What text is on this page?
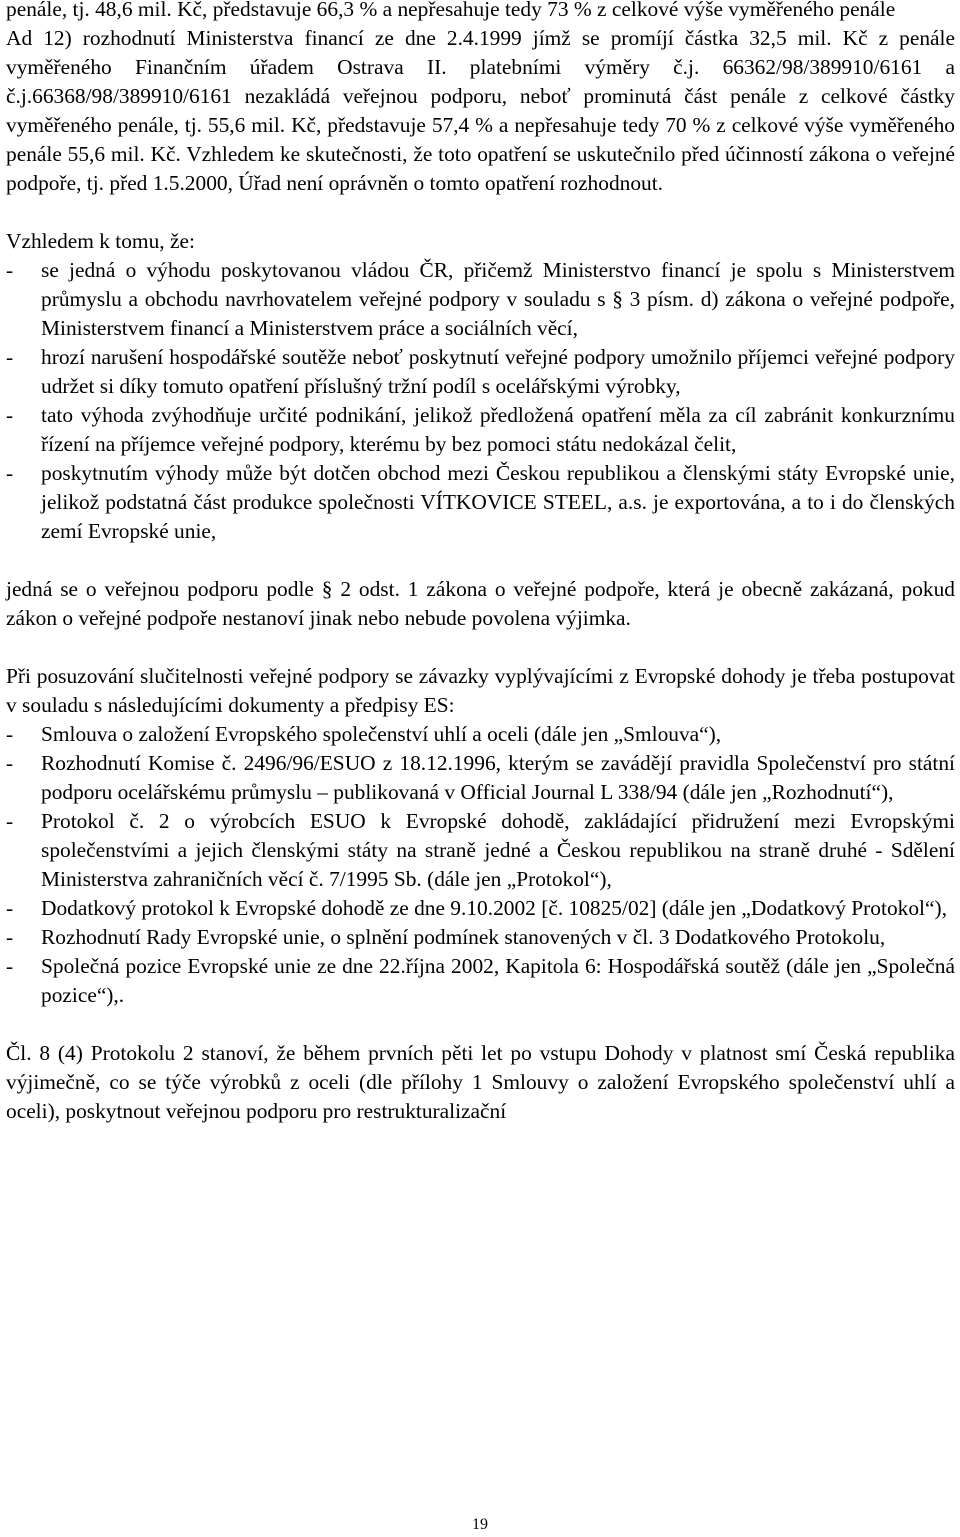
penále, tj. 48,6 mil. Kč, představuje 66,3 % a nepřesahuje tedy 73 % z celkové výše vyměřeného penále

Ad 12) rozhodnutí Ministerstva financí ze dne 2.4.1999 jímž se promíjí částka 32,5 mil. Kč z penále vyměřeného Finančním úřadem Ostrava II. platebními výměry č.j. 66362/98/389910/6161 a č.j.66368/98/389910/6161 nezakládá veřejnou podporu, neboť prominutá část penále z celkové částky vyměřeného penále, tj. 55,6 mil. Kč, představuje 57,4 % a nepřesahuje tedy 70 % z celkové výše vyměřeného penále 55,6 mil. Kč. Vzhledem ke skutečnosti, že toto opatření se uskutečnilo před účinností zákona o veřejné podpoře, tj. před 1.5.2000, Úřad není oprávněn o tomto opatření rozhodnout.

Vzhledem k tomu, že:

- se jedná o výhodu poskytovanou vládou ČR, přičemž Ministerstvo financí je spolu s Ministerstvem průmyslu a obchodu navrhovatelem veřejné podpory v souladu s § 3 písm. d) zákona o veřejné podpoře, Ministerstvem financí a Ministerstvem práce a sociálních věcí,
- hrozí narušení hospodářské soutěže neboť poskytnutí veřejné podpory umožnilo příjemci veřejné podpory udržet si díky tomuto opatření příslušný tržní podíl s ocelářskými výrobky,
- tato výhoda zvýhodňuje určité podnikání, jelikož předložená opatření měla za cíl zabránit konkurznímu řízení na příjemce veřejné podpory, kterému by bez pomoci státu nedokázal čelit,
- poskytnutím výhody může být dotčen obchod mezi Českou republikou a členskými státy Evropské unie, jelikož podstatná část produkce společnosti VÍTKOVICE STEEL, a.s. je exportována, a to i do členských zemí Evropské unie,

jedná se o veřejnou podporu podle § 2 odst. 1 zákona o veřejné podpoře, která je obecně zakázaná, pokud zákon o veřejné podpoře nestanoví jinak nebo nebude povolena výjimka.

Při posuzování slučitelnosti veřejné podpory se závazky vyplývajícími z Evropské dohody je třeba postupovat v souladu s následujícími dokumenty a předpisy ES:

- Smlouva o založení Evropského společenství uhlí a oceli (dále jen „Smlouva“),
- Rozhodnutí Komise č. 2496/96/ESUO z 18.12.1996, kterým se zavádějí pravidla Společenství pro státní podporu ocelářskému průmyslu – publikovaná v Official Journal L 338/94 (dále jen „Rozhodnutí“),
- Protokol č. 2 o výrobcích ESUO k Evropské dohodě, zakládající přidružení mezi Evropskými společenstvími a jejich členskými státy na straně jedné a Českou republikou na straně druhé - Sdělení Ministerstva zahraničních věcí č. 7/1995 Sb. (dále jen „Protokol“),
- Dodatkový protokol k Evropské dohodě ze dne 9.10.2002 [č. 10825/02] (dále jen „Dodatkový Protokol“),
- Rozhodnutí Rady Evropské unie, o splnění podmínek stanovených v čl. 3 Dodatkového Protokolu,
- Společná pozice Evropské unie ze dne 22.října 2002, Kapitola 6: Hospodářská soutěž (dále jen „Společná pozice“),.

Čl. 8 (4) Protokolu 2 stanoví, že během prvních pěti let po vstupu Dohody v platnost smí Česká republika výjimečně, co se týče výrobků z oceli (dle přílohy 1 Smlouvy o založení Evropského společenství uhlí a oceli), poskytnout veřejnou podporu pro restrukturalizační

19
